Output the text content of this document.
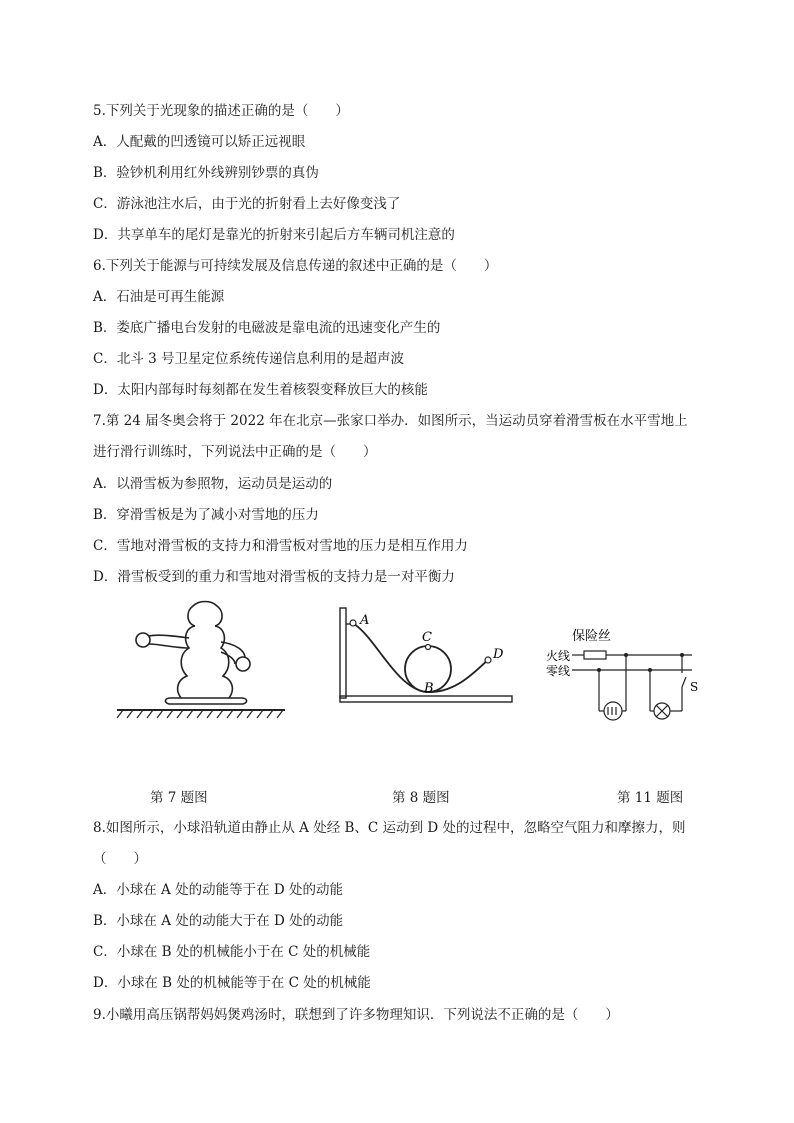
5.下列关于光现象的描述正确的是（　　）
A．人配戴的凹透镜可以矫正远视眼
B．验钞机利用红外线辨别钞票的真伪
C．游泳池注水后，由于光的折射看上去好像变浅了
D．共享单车的尾灯是靠光的折射来引起后方车辆司机注意的
6.下列关于能源与可持续发展及信息传递的叙述中正确的是（　　）
A．石油是可再生能源
B．娄底广播电台发射的电磁波是靠电流的迅速变化产生的
C．北斗 3 号卫星定位系统传递信息利用的是超声波
D．太阳内部每时每刻都在发生着核裂变释放巨大的核能
7.第 24 届冬奥会将于 2022 年在北京—张家口举办．如图所示，当运动员穿着滑雪板在水平雪地上
进行滑行训练时，下列说法中正确的是（　　）
A．以滑雪板为参照物，运动员是运动的
B．穿滑雪板是为了减小对雪地的压力
C．雪地对滑雪板的支持力和滑雪板对雪地的压力是相互作用力
D．滑雪板受到的重力和雪地对滑雪板的支持力是一对平衡力
A
C
B
D
保险丝
火线
零线
S
第 7 题图	第 8 题图	第 11 题图
8.如图所示，小球沿轨道由静止从 A 处经 B、C 运动到 D 处的过程中，忽略空气阻力和摩擦力，则
（　　）
A．小球在 A 处的动能等于在 D 处的动能
B．小球在 A 处的动能大于在 D 处的动能
C．小球在 B 处的机械能小于在 C 处的机械能
D．小球在 B 处的机械能等于在 C 处的机械能
9.小曦用高压锅帮妈妈煲鸡汤时，联想到了许多物理知识．下列说法不正确的是（　　）
